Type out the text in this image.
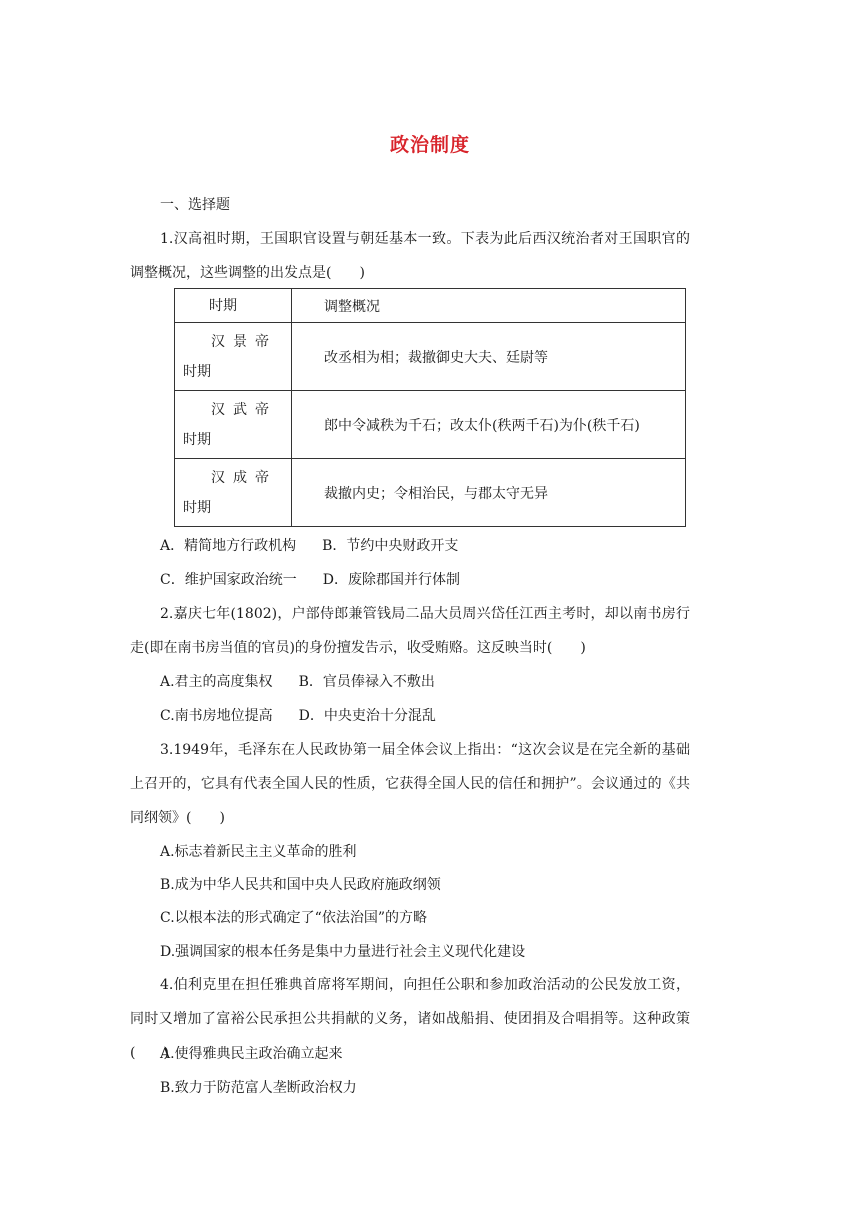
政治制度
一、选择题
1.汉高祖时期，王国职官设置与朝廷基本一致。下表为此后西汉统治者对王国职官的调整概况，这些调整的出发点是(　　)
时期	调整概况

汉景帝
时期	改丞相为相；裁撤御史大夫、廷尉等

汉武帝
时期	郎中令减秩为千石；改太仆(秩两千石)为仆(秩千石)

汉成帝
时期	裁撤内史；令相治民，与郡太守无异
A．精简地方行政机构 B．节约中央财政开支
C．维护国家政治统一 D．废除郡国并行体制
2.嘉庆七年(1802)，户部侍郎兼管钱局二品大员周兴岱任江西主考时，却以南书房行走(即在南书房当值的官员)的身份擅发告示，收受贿赂。这反映当时(　　)
A.君主的高度集权 B．官员俸禄入不敷出
C.南书房地位提高 D．中央吏治十分混乱
3.1949年，毛泽东在人民政协第一届全体会议上指出：“这次会议是在完全新的基础上召开的，它具有代表全国人民的性质，它获得全国人民的信任和拥护”。会议通过的《共同纲领》(　　)
A.标志着新民主主义革命的胜利
B.成为中华人民共和国中央人民政府施政纲领
C.以根本法的形式确定了“依法治国”的方略
D.强调国家的根本任务是集中力量进行社会主义现代化建设
4.伯利克里在担任雅典首席将军期间，向担任公职和参加政治活动的公民发放工资，同时又增加了富裕公民承担公共捐献的义务，诸如战船捐、使团捐及合唱捐等。这种政策(　　)
A.使得雅典民主政治确立起来
B.致力于防范富人垄断政治权力
